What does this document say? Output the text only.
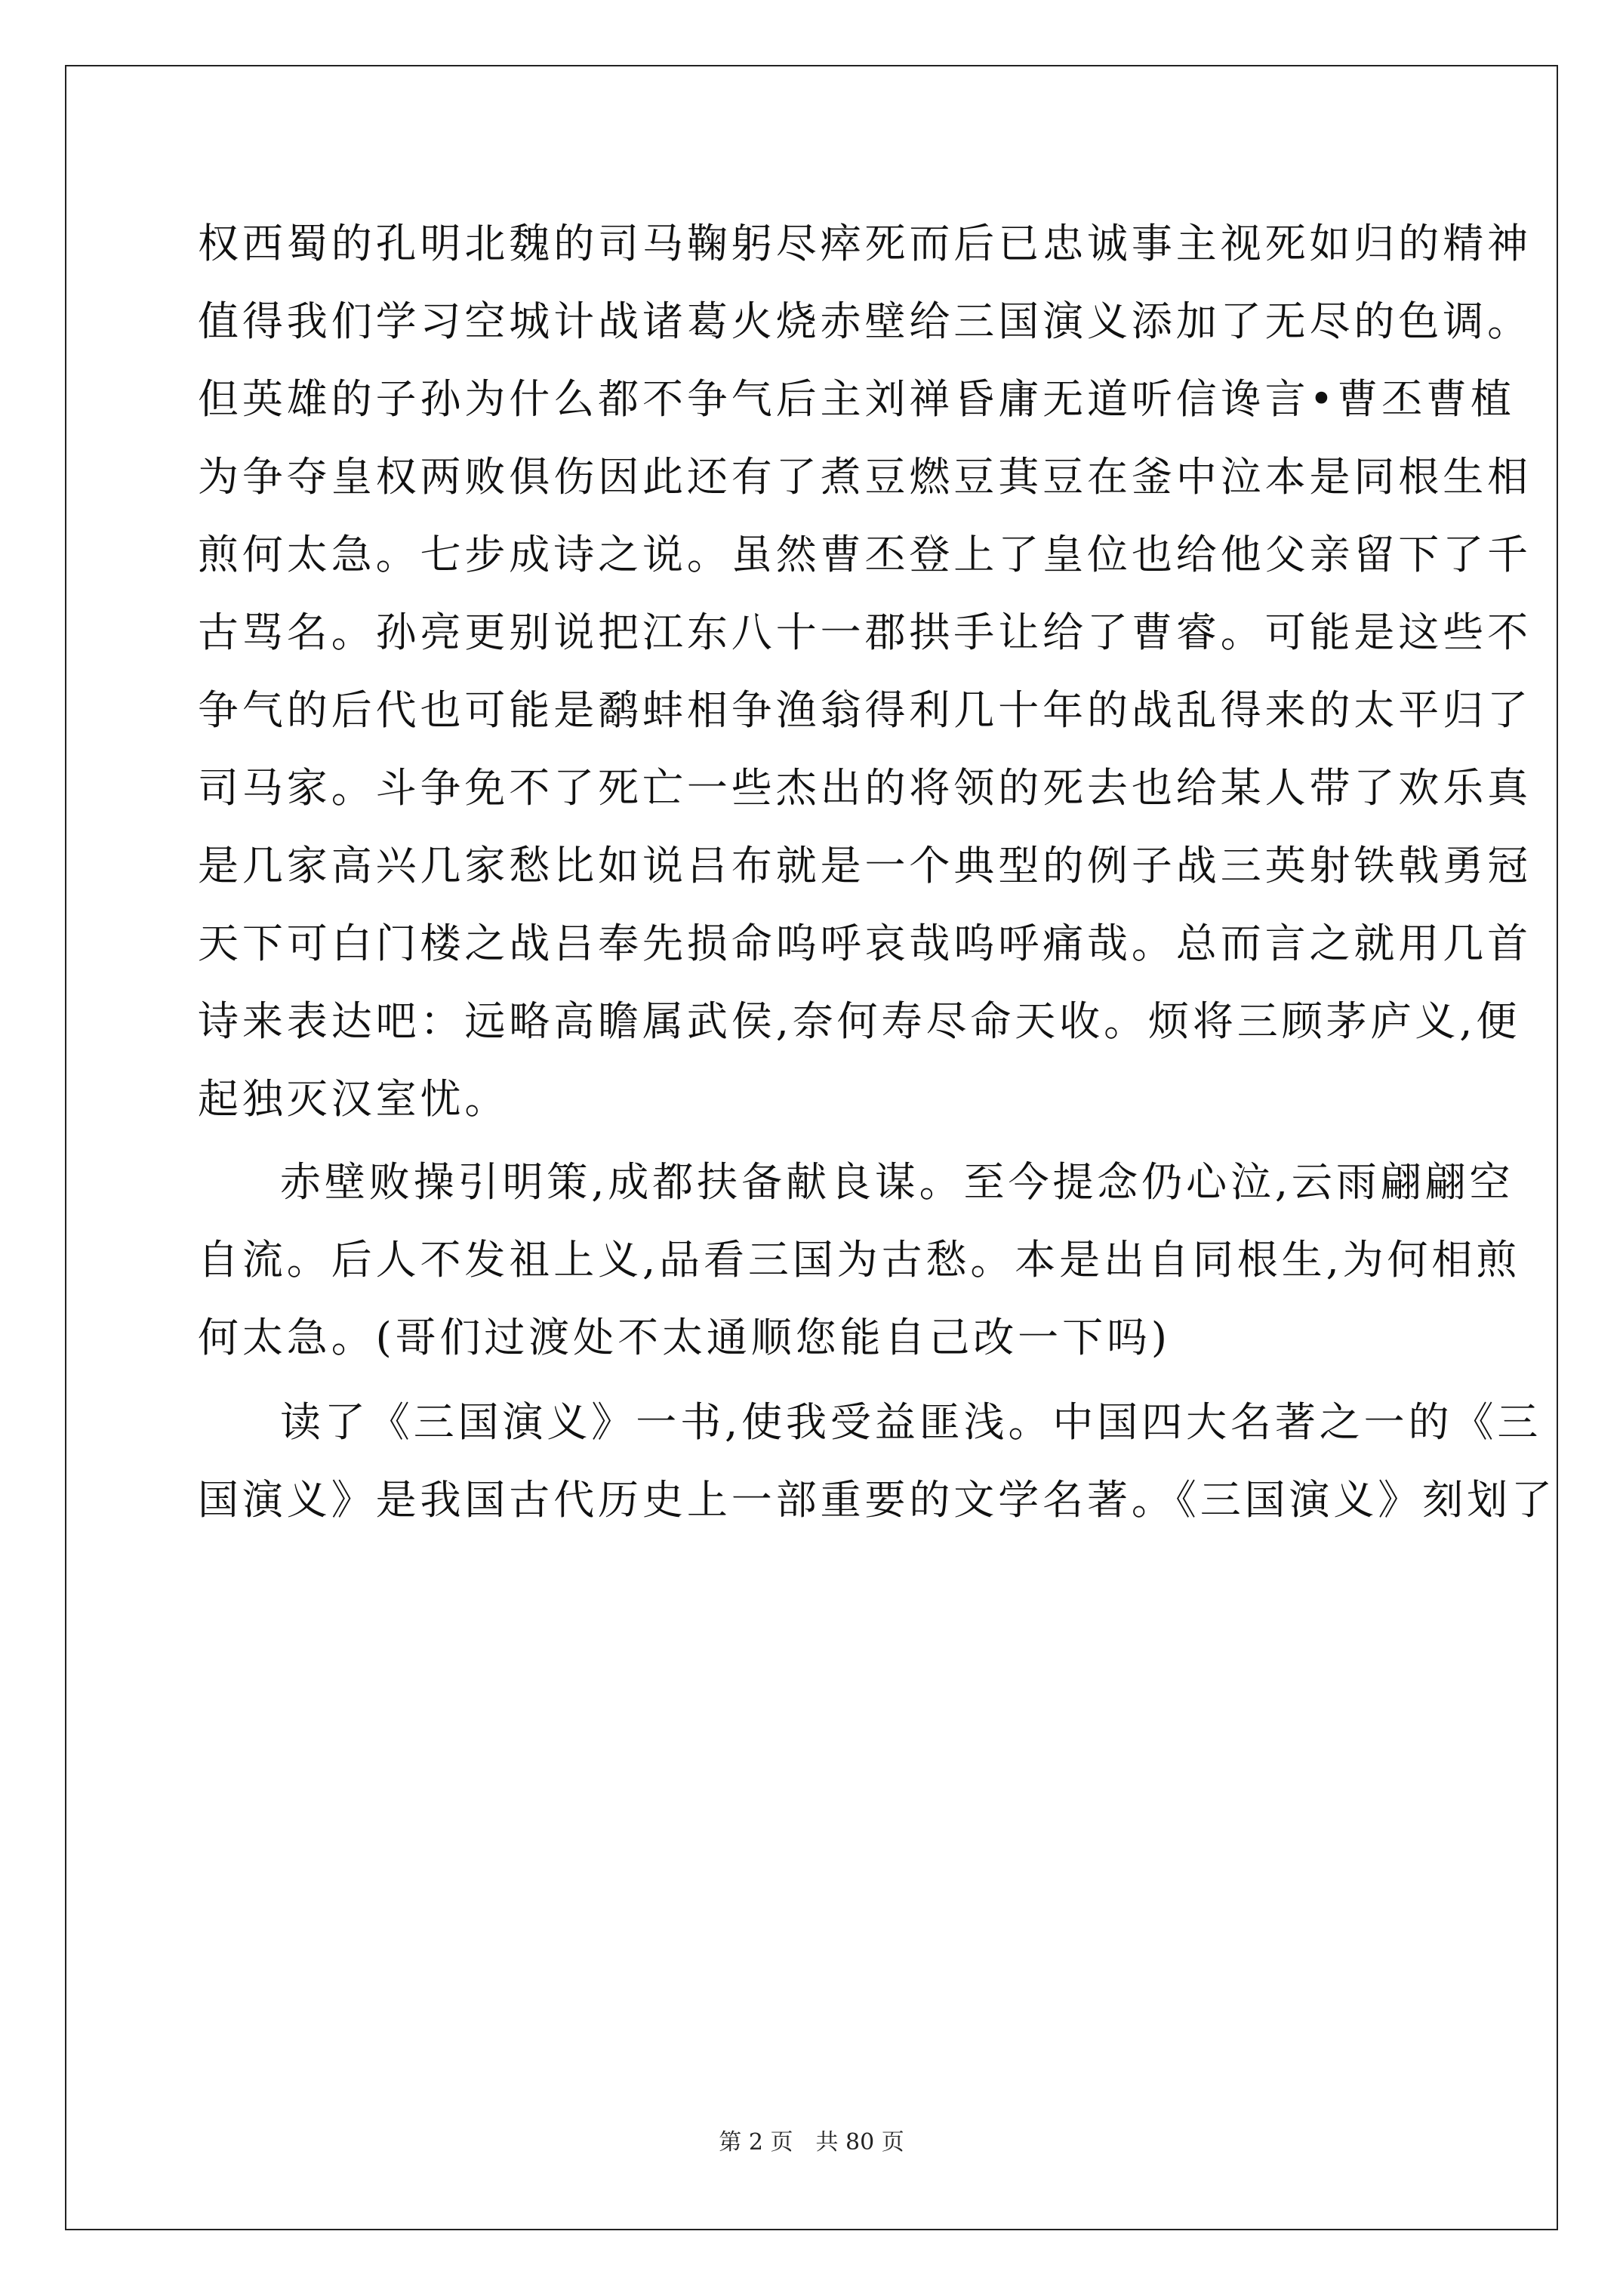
权西蜀的孔明北魏的司马鞠躬尽瘁死而后已忠诚事主视死如归的精神
值得我们学习空城计战诸葛火烧赤壁给三国演义添加了无尽的色调。
但英雄的子孙为什么都不争气后主刘禅昏庸无道听信谗言•曹丕曹植
为争夺皇权两败俱伤因此还有了煮豆燃豆萁豆在釜中泣本是同根生相
煎何太急。七步成诗之说。虽然曹丕登上了皇位也给他父亲留下了千
古骂名。孙亮更别说把江东八十一郡拱手让给了曹睿。可能是这些不
争气的后代也可能是鹬蚌相争渔翁得利几十年的战乱得来的太平归了
司马家。斗争免不了死亡一些杰出的将领的死去也给某人带了欢乐真
是几家高兴几家愁比如说吕布就是一个典型的例子战三英射铁戟勇冠
天下可白门楼之战吕奉先损命呜呼哀哉呜呼痛哉。总而言之就用几首
诗来表达吧：远略高瞻属武侯,奈何寿尽命天收。烦将三顾茅庐义,便
起独灭汉室忧。
赤壁败操引明策,成都扶备献良谋。至今提念仍心泣,云雨翩翩空
自流。后人不发祖上义,品看三国为古愁。本是出自同根生,为何相煎
何太急。(哥们过渡处不太通顺您能自己改一下吗)
读了《三国演义》一书,使我受益匪浅。中国四大名著之一的《三
国演义》是我国古代历史上一部重要的文学名著。《三国演义》刻划了
第 2 页　共 80 页
